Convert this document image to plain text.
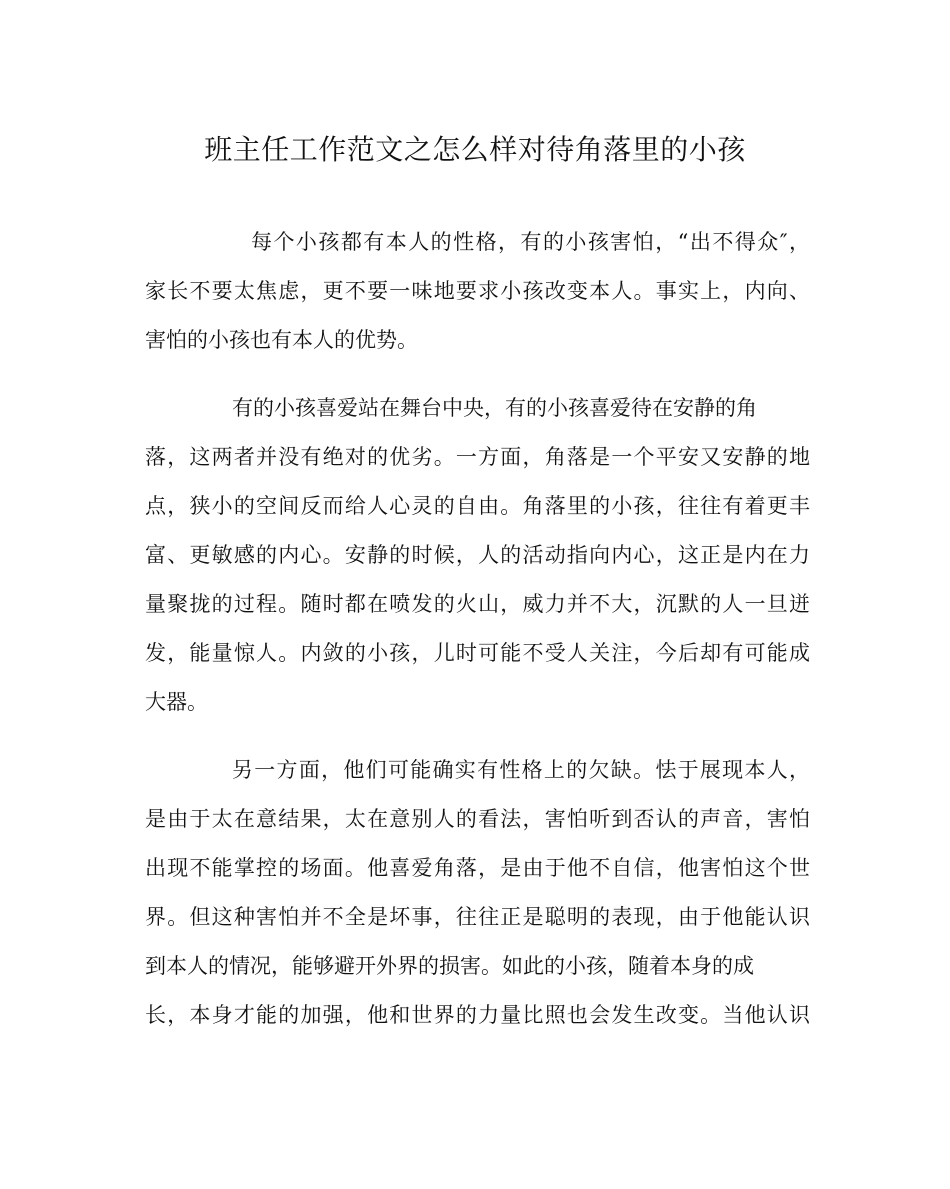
班主任工作范文之怎么样对待角落里的小孩
每个小孩都有本人的性格，有的小孩害怕，“出不得众″，
家长不要太焦虑，更不要一味地要求小孩改变本人。事实上，内向、
害怕的小孩也有本人的优势。
有的小孩喜爱站在舞台中央，有的小孩喜爱待在安静的角
落，这两者并没有绝对的优劣。一方面，角落是一个平安又安静的地
点，狭小的空间反而给人心灵的自由。角落里的小孩，往往有着更丰
富、更敏感的内心。安静的时候，人的活动指向内心，这正是内在力
量聚拢的过程。随时都在喷发的火山，威力并不大，沉默的人一旦迸
发，能量惊人。内敛的小孩，儿时可能不受人关注，今后却有可能成
大器。
另一方面，他们可能确实有性格上的欠缺。怯于展现本人，
是由于太在意结果，太在意别人的看法，害怕听到否认的声音，害怕
出现不能掌控的场面。他喜爱角落，是由于他不自信，他害怕这个世
界。但这种害怕并不全是坏事，往往正是聪明的表现，由于他能认识
到本人的情况，能够避开外界的损害。如此的小孩，随着本身的成
长，本身才能的加强，他和世界的力量比照也会发生改变。当他认识
